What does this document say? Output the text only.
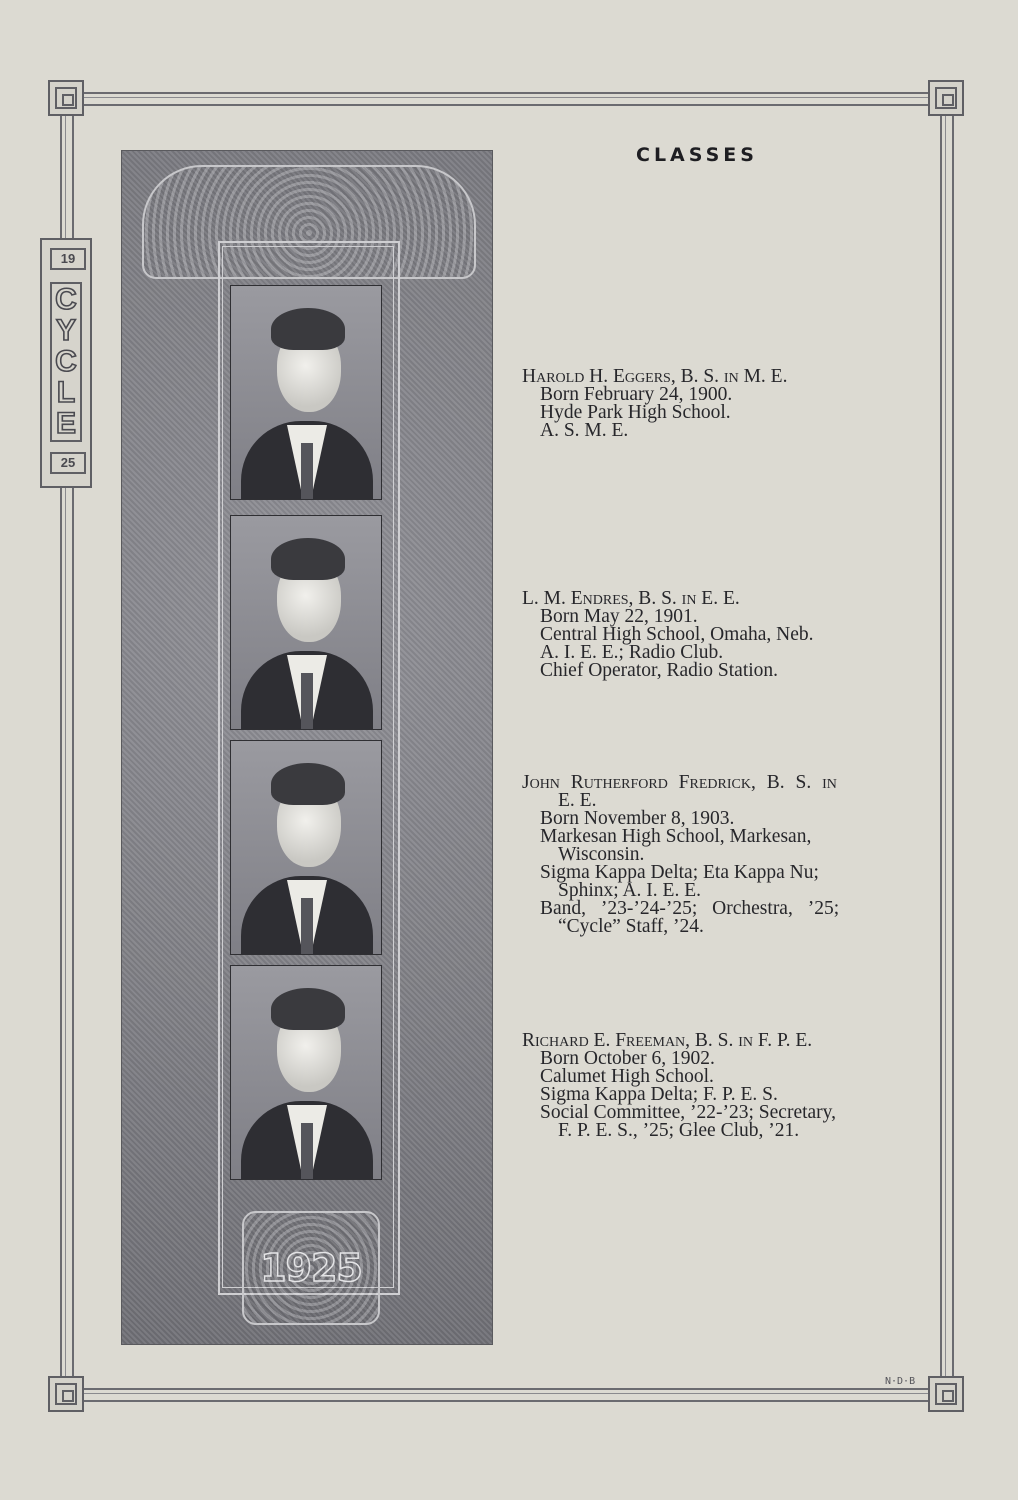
19
C
Y
C
L
E
25
1925
CLASSES
Harold H. Eggers, B. S. in M. E.
Born February 24, 1900.
Hyde Park High School.
A. S. M. E.
L. M. Endres, B. S. in E. E.
Born May 22, 1901.
Central High School, Omaha, Neb.
A. I. E. E.; Radio Club.
Chief Operator, Radio Station.
John Rutherford Fredrick, B. S. in
E. E.
Born November 8, 1903.
Markesan High School, Markesan,
Wisconsin.
Sigma Kappa Delta; Eta Kappa Nu;
Sphinx; A. I. E. E.
Band, ’23-’24-’25; Orchestra, ’25;
“Cycle” Staff, ’24.
Richard E. Freeman, B. S. in F. P. E.
Born October 6, 1902.
Calumet High School.
Sigma Kappa Delta; F. P. E. S.
Social Committee, ’22-’23; Secretary,
F. P. E. S., ’25; Glee Club, ’21.
N·D·B
